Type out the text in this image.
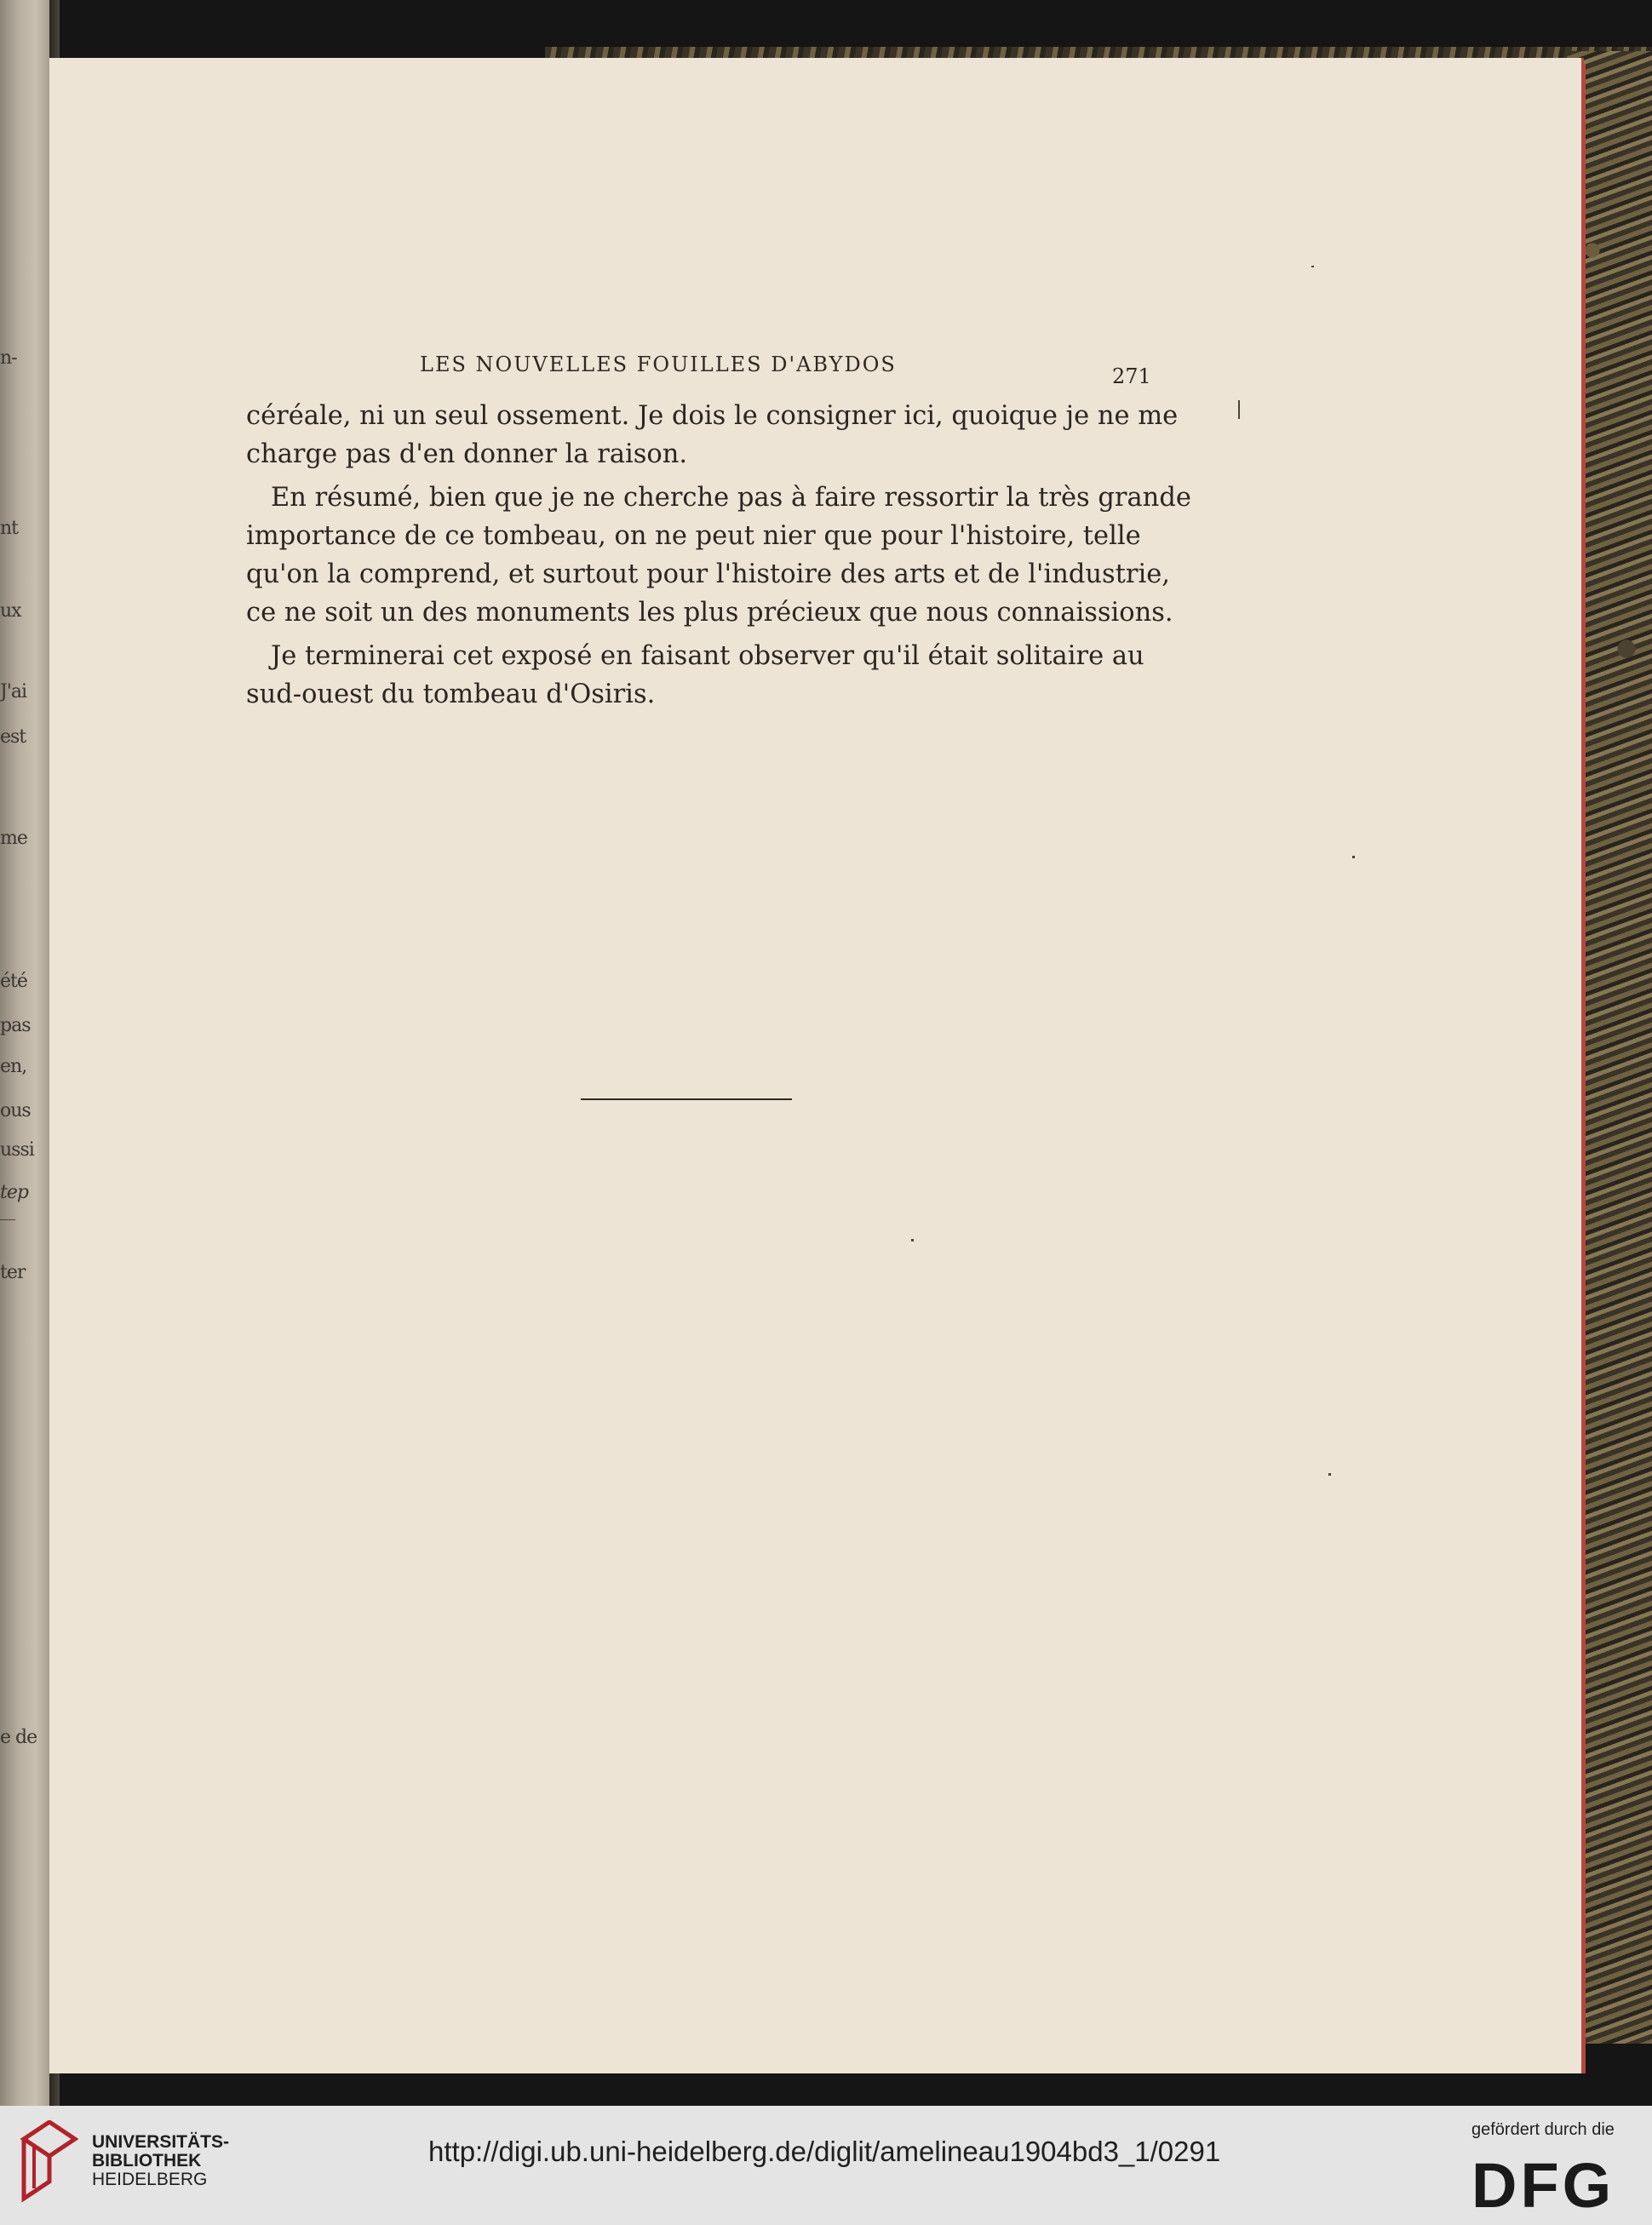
n-
nt
ux
J'ai
est
me
été
pas
en,
ous
ussi
tep
ter
e de
LES NOUVELLES FOUILLES D'ABYDOS	271
céréale, ni un seul ossement. Je dois le consigner ici, quoique je ne me
charge pas d'en donner la raison.
En résumé, bien que je ne cherche pas à faire ressortir la très grande
importance de ce tombeau, on ne peut nier que pour l'histoire, telle
qu'on la comprend, et surtout pour l'histoire des arts et de l'industrie,
ce ne soit un des monuments les plus précieux que nous connaissions.
Je terminerai cet exposé en faisant observer qu'il était solitaire au
sud-ouest du tombeau d'Osiris.
UNIVERSITÄTS-
BIBLIOTHEK
HEIDELBERG
http://digi.ub.uni-heidelberg.de/diglit/amelineau1904bd3_1/0291
gefördert durch die
DFG
